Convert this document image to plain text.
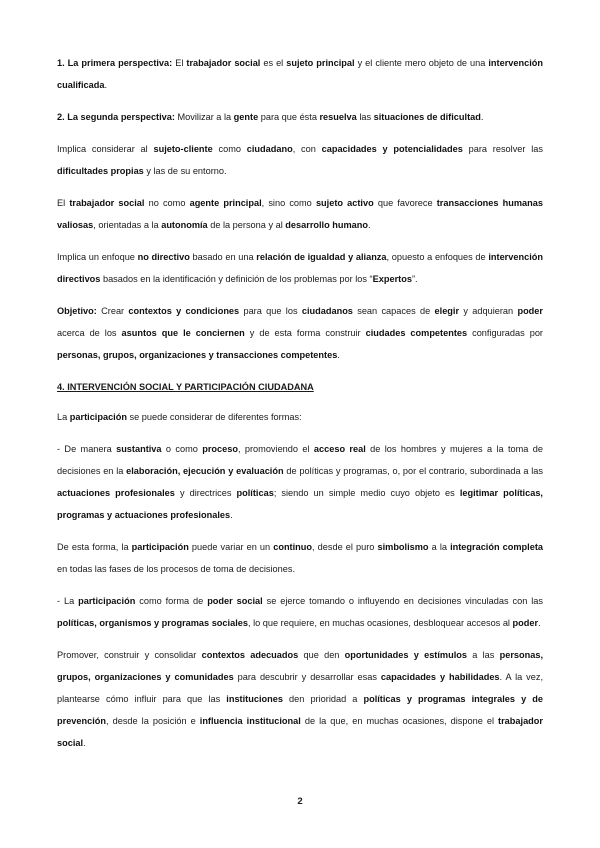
1. La primera perspectiva: El trabajador social es el sujeto principal y el cliente mero objeto de una intervención cualificada.

2. La segunda perspectiva: Movilizar a la gente para que ésta resuelva las situaciones de dificultad.

Implica considerar al sujeto-cliente como ciudadano, con capacidades y potencialidades para resolver las dificultades propias y las de su entorno.

El trabajador social no como agente principal, sino como sujeto activo que favorece transacciones humanas valiosas, orientadas a la autonomía de la persona y al desarrollo humano.

Implica un enfoque no directivo basado en una relación de igualdad y alianza, opuesto a enfoques de intervención directivos basados en la identificación y definición de los problemas por los “Expertos”.

Objetivo: Crear contextos y condiciones para que los ciudadanos sean capaces de elegir y adquieran poder acerca de los asuntos que le conciernen y de esta forma construir ciudades competentes configuradas por personas, grupos, organizaciones y transacciones competentes.

4. INTERVENCIÓN SOCIAL Y PARTICIPACIÓN CIUDADANA

La participación se puede considerar de diferentes formas:

- De manera sustantiva o como proceso, promoviendo el acceso real de los hombres y mujeres a la toma de decisiones en la elaboración, ejecución y evaluación de políticas y programas, o, por el contrario, subordinada a las actuaciones profesionales y directrices políticas; siendo un simple medio cuyo objeto es legitimar políticas, programas y actuaciones profesionales.

De esta forma, la participación puede variar en un continuo, desde el puro simbolismo a la integración completa en todas las fases de los procesos de toma de decisiones.

- La participación como forma de poder social se ejerce tomando o influyendo en decisiones vinculadas con las políticas, organismos y programas sociales, lo que requiere, en muchas ocasiones, desbloquear accesos al poder.

Promover, construir y consolidar contextos adecuados que den oportunidades y estímulos a las personas, grupos, organizaciones y comunidades para descubrir y desarrollar esas capacidades y habilidades. A la vez, plantearse cómo influir para que las instituciones den prioridad a políticas y programas integrales y de prevención, desde la posición e influencia institucional de la que, en muchas ocasiones, dispone el trabajador social.

2
